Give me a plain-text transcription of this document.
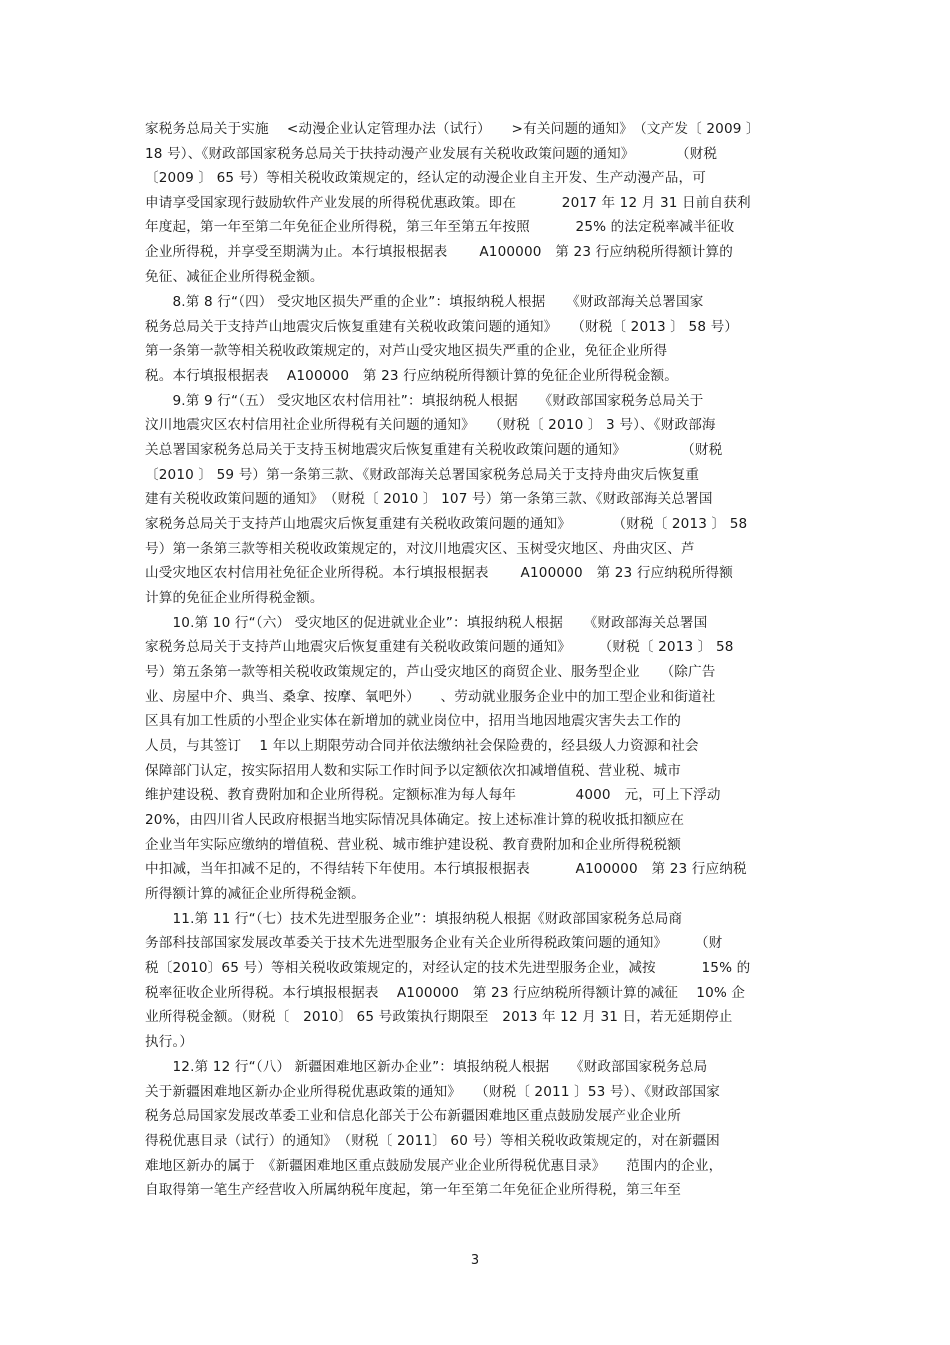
家税务总局关于实施　 <动漫企业认定管理办法（试行）　　>有关问题的通知》　（文产发〔 2009 〕
18 号）、《财政部国家税务总局关于扶持动漫产业发展有关税收政策问题的通知》　　　　（财税
〔2009 〕 65 号）等相关税收政策规定的，经认定的动漫企业自主开发、生产动漫产品，可
申请享受国家现行鼓励软件产业发展的所得税优惠政策。即在　　　 2017 年 12 月 31 日前自获利
年度起，第一年至第二年免征企业所得税，第三年至第五年按照　　　 25% 的法定税率减半征收
企业所得税，并享受至期满为止。本行填报根据表　　 A100000　第 23 行应纳税所得额计算的
免征、减征企业所得税金额。
　　8.第 8 行“（四） 受灾地区损失严重的企业”：填报纳税人根据　　《财政部海关总署国家
税务总局关于支持芦山地震灾后恢复重建有关税收政策问题的通知》　　（财税〔 2013 〕 58 号）
第一条第一款等相关税收政策规定的，对芦山受灾地区损失严重的企业，免征企业所得
税。本行填报根据表　 A100000　第 23 行应纳税所得额计算的免征企业所得税金额。
　　9.第 9 行“（五） 受灾地区农村信用社”：填报纳税人根据　　《财政部国家税务总局关于
汶川地震灾区农村信用社企业所得税有关问题的通知》　　（财税〔 2010 〕 3 号）、《财政部海
关总署国家税务总局关于支持玉树地震灾后恢复重建有关税收政策问题的通知》　　　　　（财税
〔2010 〕 59 号）第一条第三款、《财政部海关总署国家税务总局关于支持舟曲灾后恢复重
建有关税收政策问题的通知》　（财税〔 2010 〕 107 号）第一条第三款、《财政部海关总署国
家税务总局关于支持芦山地震灾后恢复重建有关税收政策问题的通知》　　　　（财税〔 2013 〕 58
号）第一条第三款等相关税收政策规定的，对汶川地震灾区、玉树受灾地区、舟曲灾区、芦
山受灾地区农村信用社免征企业所得税。本行填报根据表　　 A100000　第 23 行应纳税所得额
计算的免征企业所得税金额。
　　10.第 10 行“（六） 受灾地区的促进就业企业”：填报纳税人根据　　《财政部海关总署国
家税务总局关于支持芦山地震灾后恢复重建有关税收政策问题的通知》　　　（财税〔 2013 〕 58
号）第五条第一款等相关税收政策规定的，芦山受灾地区的商贸企业、服务型企业　　（除广告
业、房屋中介、典当、桑拿、按摩、氧吧外）　　、劳动就业服务企业中的加工型企业和街道社
区具有加工性质的小型企业实体在新增加的就业岗位中，招用当地因地震灾害失去工作的
人员，与其签订　 1 年以上期限劳动合同并依法缴纳社会保险费的，经县级人力资源和社会
保障部门认定，按实际招用人数和实际工作时间予以定额依次扣减增值税、营业税、城市
维护建设税、教育费附加和企业所得税。定额标准为每人每年　　　　 4000　元，可上下浮动
20%，由四川省人民政府根据当地实际情况具体确定。按上述标准计算的税收抵扣额应在
企业当年实际应缴纳的增值税、营业税、城市维护建设税、教育费附加和企业所得税税额
中扣减，当年扣减不足的，不得结转下年使用。本行填报根据表　　　 A100000　第 23 行应纳税
所得额计算的减征企业所得税金额。
　　11.第 11 行“（七）技术先进型服务企业”：填报纳税人根据《财政部国家税务总局商
务部科技部国家发展改革委关于技术先进型服务企业有关企业所得税政策问题的通知》　　　（财
税〔2010〕65 号）等相关税收政策规定的，对经认定的技术先进型服务企业，减按　　　 15% 的
税率征收企业所得税。本行填报根据表　 A100000　第 23 行应纳税所得额计算的减征　 10% 企
业所得税金额。（财税〔　2010〕 65 号政策执行期限至　2013 年 12 月 31 日，若无延期停止
执行。）
　　12.第 12 行“（八） 新疆困难地区新办企业”：填报纳税人根据　　《财政部国家税务总局
关于新疆困难地区新办企业所得税优惠政策的通知》　　（财税〔 2011 〕53 号）、《财政部国家
税务总局国家发展改革委工业和信息化部关于公布新疆困难地区重点鼓励发展产业企业所
得税优惠目录（试行）的通知》　（财税〔 2011〕 60 号）等相关税收政策规定的，对在新疆困
难地区新办的属于　《新疆困难地区重点鼓励发展产业企业所得税优惠目录》　　范围内的企业，
自取得第一笔生产经营收入所属纳税年度起，第一年至第二年免征企业所得税，第三年至
3
